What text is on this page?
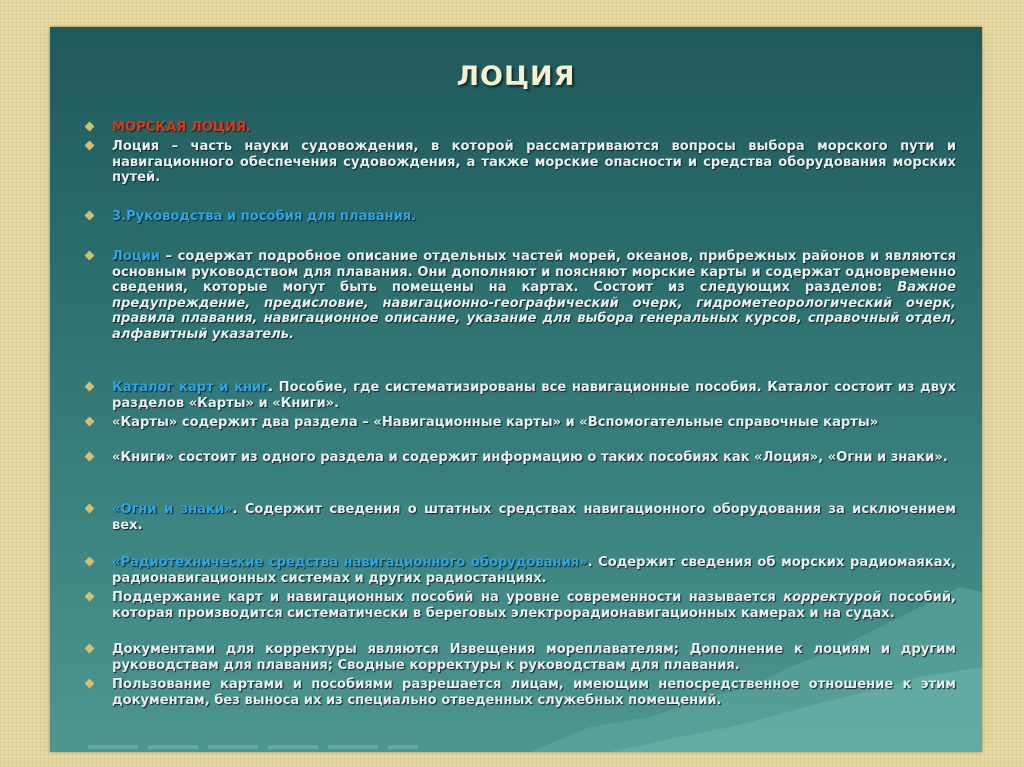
ЛОЦИЯ
МОРСКАЯ ЛОЦИЯ.
Лоция – часть науки судовождения, в которой рассматриваются вопросы выбора морского пути и навигационного обеспечения судовождения, а также морские опасности и средства оборудования морских путей.
3.Руководства и пособия для плавания.
Лоции – содержат подробное описание отдельных частей морей, океанов, прибрежных районов и являются основным руководством для плавания. Они дополняют и поясняют морские карты и содержат одновременно сведения, которые могут быть помещены на картах. Состоит из следующих разделов: Важное предупреждение, предисловие, навигационно-географический очерк, гидрометеорологический очерк, правила плавания, навигационное описание, указание для выбора генеральных курсов, справочный отдел, алфавитный указатель.
Каталог карт и книг. Пособие, где систематизированы все навигационные пособия. Каталог состоит из двух разделов «Карты» и «Книги».
«Карты» содержит два раздела – «Навигационные карты» и «Вспомогательные справочные карты»
«Книги» состоит из одного раздела и содержит информацию о таких пособиях как «Лоция», «Огни и знаки».
«Огни и знаки». Содержит сведения о штатных средствах навигационного оборудования за исключением вех.
«Радиотехнические средства навигационного оборудования». Содержит сведения об морских радиомаяках, радионавигационных системах и других радиостанциях.
Поддержание карт и навигационных пособий на уровне современности называется корректурой пособий, которая производится систематически в береговых электрорадионавигационных камерах и на судах.
Документами для корректуры являются Извещения мореплавателям; Дополнение к лоциям и другим руководствам для плавания; Сводные корректуры к руководствам для плавания.
Пользование картами и пособиями разрешается лицам, имеющим непосредственное отношение к этим документам, без выноса их из специально отведенных служебных помещений.
